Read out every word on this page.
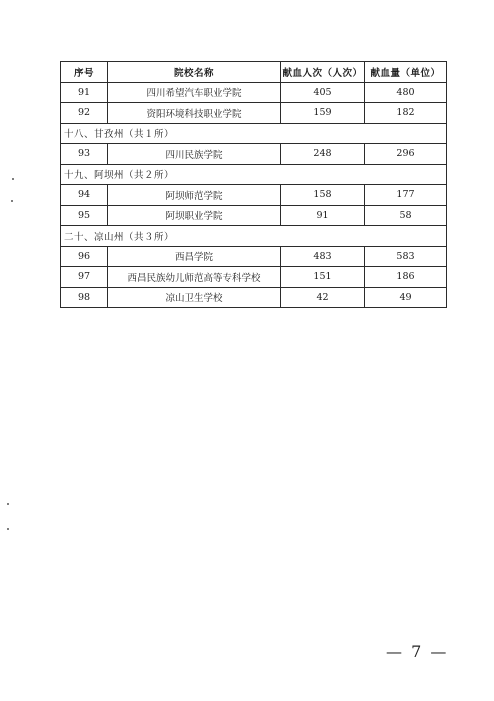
序号	院校名称	献血人次（人次）	献血量（单位）
91	四川希望汽车职业学院	405	480
92	资阳环境科技职业学院	159	182
十八、甘孜州（共１所）			
93	四川民族学院	248	296
十九、阿坝州（共２所）			
94	阿坝师范学院	158	177
95	阿坝职业学院	91	58
二十、凉山州（共３所）			
96	西昌学院	483	583
97	西昌民族幼儿师范高等专科学校	151	186
98	凉山卫生学校	42	49
— 7 —
